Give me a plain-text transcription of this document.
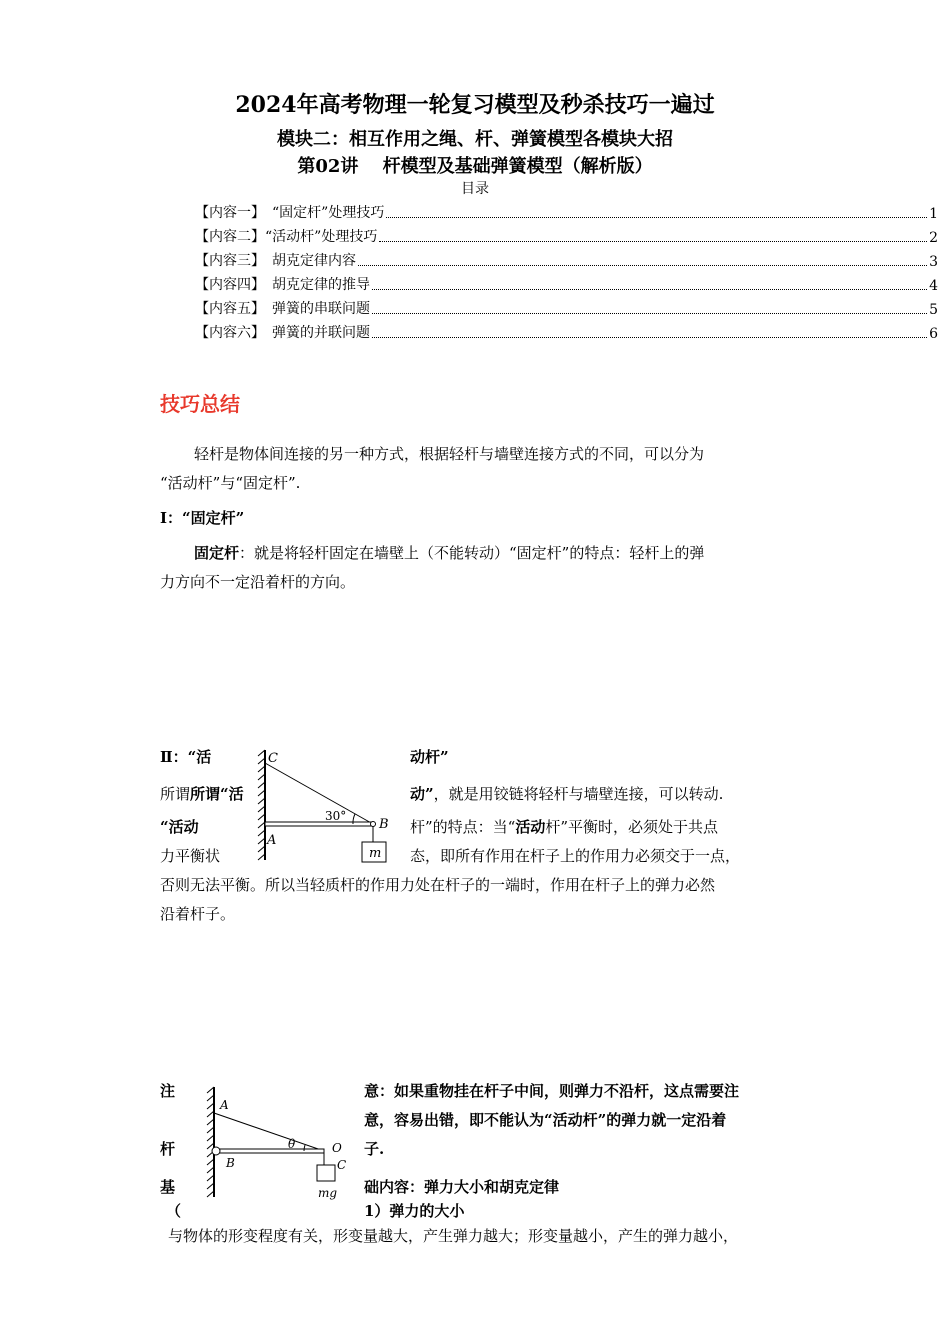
2024年高考物理一轮复习模型及秒杀技巧一遍过
模块二：相互作用之绳、杆、弹簧模型各模块大招
第02讲　 杆模型及基础弹簧模型（解析版）
目录
【内容一】　“固定杆”处理技巧	1
【内容二】“活动杆”处理技巧	2
【内容三】　胡克定律内容	3
【内容四】　胡克定律的推导	4
【内容五】　弹簧的串联问题	5
【内容六】　弹簧的并联问题	6
技巧总结
轻杆是物体间连接的另一种方式，根据轻杆与墙壁连接方式的不同，可以分为
“活动杆”与“固定杆”.
Ⅰ：“固定杆”
固定杆：就是将轻杆固定在墙壁上（不能转动）“固定杆”的特点：轻杆上的弹
力方向不一定沿着杆的方向。
Ⅱ：“活	动杆”
所谓所谓“活	动”，就是用铰链将轻杆与墙壁连接，可以转动.
“活动	杆”的特点：当“活动杆”平衡时，必须处于共点
力平衡状	态，即所有作用在杆子上的作用力必须交于一点，
否则无法平衡。所以当轻质杆的作用力处在杆子的一端时，作用在杆子上的弹力必然
沿着杆子。
C
A
B
30°
m
注	意：如果重物挂在杆子中间，则弹力不沿杆，这点需要注
意，容易出错，即不能认为“活动杆”的弹力就一定沿着
杆	子.
基	础内容：弹力大小和胡克定律
（	1）弹力的大小
与物体的形变程度有关，形变量越大，产生弹力越大；形变量越小，产生的弹力越小，
A
B
O
C
θ
mg
